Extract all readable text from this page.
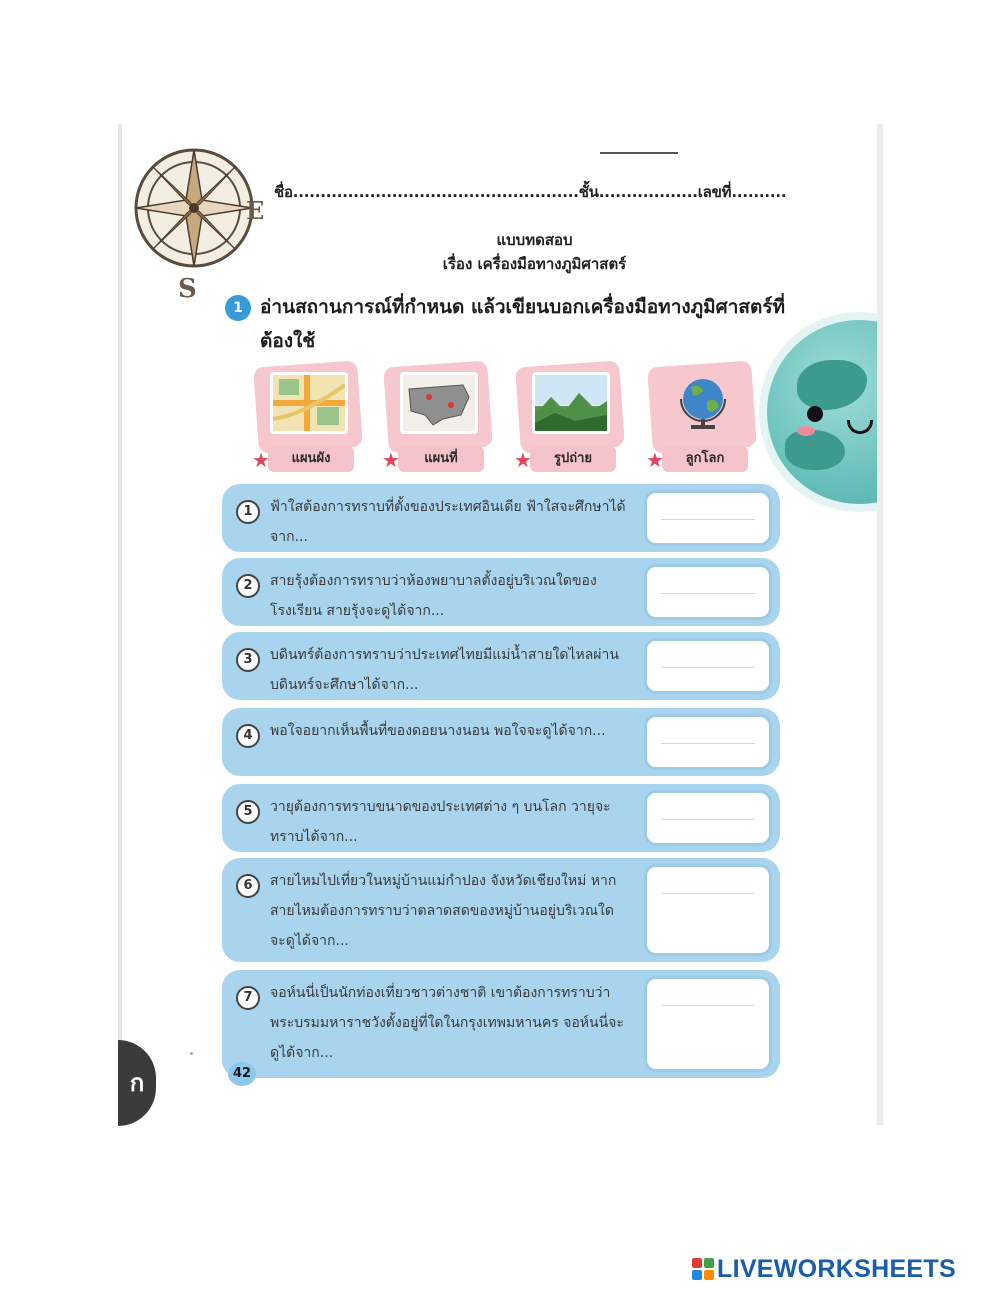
E
S
ชื่อ....................................................ชั้น..................เลขที่..........
แบบทดสอบ
เรื่อง เครื่องมือทางภูมิศาสตร์
1 อ่านสถานการณ์ที่กำหนด แล้วเขียนบอกเครื่องมือทางภูมิศาสตร์ที่ต้องใช้
แผนผัง
★	แผนที่
★	รูปถ่าย
★	ลูกโลก
★
1	ฟ้าใสต้องการทราบที่ตั้งของประเทศอินเดีย ฟ้าใสจะศึกษาได้จาก...
2	สายรุ้งต้องการทราบว่าห้องพยาบาลตั้งอยู่บริเวณใดของโรงเรียน สายรุ้งจะดูได้จาก...
3	บดินทร์ต้องการทราบว่าประเทศไทยมีแม่น้ำสายใดไหลผ่าน บดินทร์จะศึกษาได้จาก...
4	พอใจอยากเห็นพื้นที่ของดอยนางนอน พอใจจะดูได้จาก...
5	วายุต้องการทราบขนาดของประเทศต่าง ๆ บนโลก วายุจะทราบได้จาก...
6	สายไหมไปเที่ยวในหมู่บ้านแม่กำปอง จังหวัดเชียงใหม่ หากสายไหมต้องการทราบว่าตลาดสดของหมู่บ้านอยู่บริเวณใด จะดูได้จาก...
7	จอห์นนี่เป็นนักท่องเที่ยวชาวต่างชาติ เขาต้องการทราบว่าพระบรมมหาราชวังตั้งอยู่ที่ใดในกรุงเทพมหานคร จอห์นนี่จะดูได้จาก...
42
ก
LIVEWORKSHEETS
